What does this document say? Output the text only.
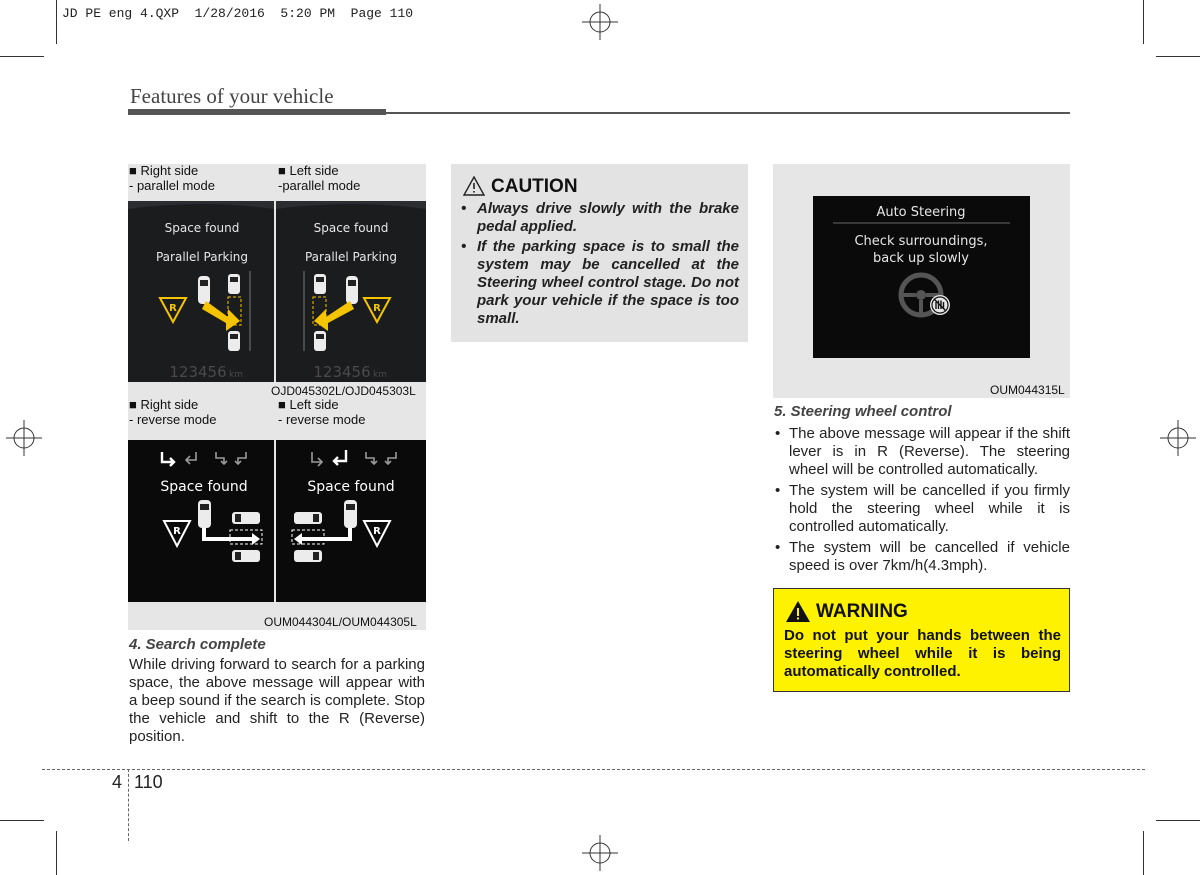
JD PE eng 4.QXP  1/28/2016  5:20 PM  Page 110
Features of your vehicle
■ Right side
- parallel mode
■ Left side
-parallel mode
Space found
Parallel Parking
R
123456 km
Space found
Parallel Parking
R
123456 km
OJD045302L/OJD045303L
■ Right side
- reverse mode
■ Left side
- reverse mode
Space found
R
Space found
R
OUM044304L/OUM044305L
4. Search complete
While driving forward to search for a parking space, the above message will appear with a beep sound if the search is complete. Stop the vehicle and shift to the R (Reverse) position.
CAUTION
• Always drive slowly with the brake pedal applied.
• If the parking space is to small the system may be cancelled at the Steering wheel control stage. Do not park your vehicle if the space is too small.
Auto Steering
Check surroundings,
back up slowly
OUM044315L
5. Steering wheel control
• The above message will appear if the shift lever is in R (Reverse). The steering wheel will be controlled automatically.
• The system will be cancelled if you firmly hold the steering wheel while it is controlled automatically.
• The system will be cancelled if vehicle speed is over 7km/h(4.3mph).
WARNING
Do not put your hands between the steering wheel while it is being automatically controlled.
4 110
